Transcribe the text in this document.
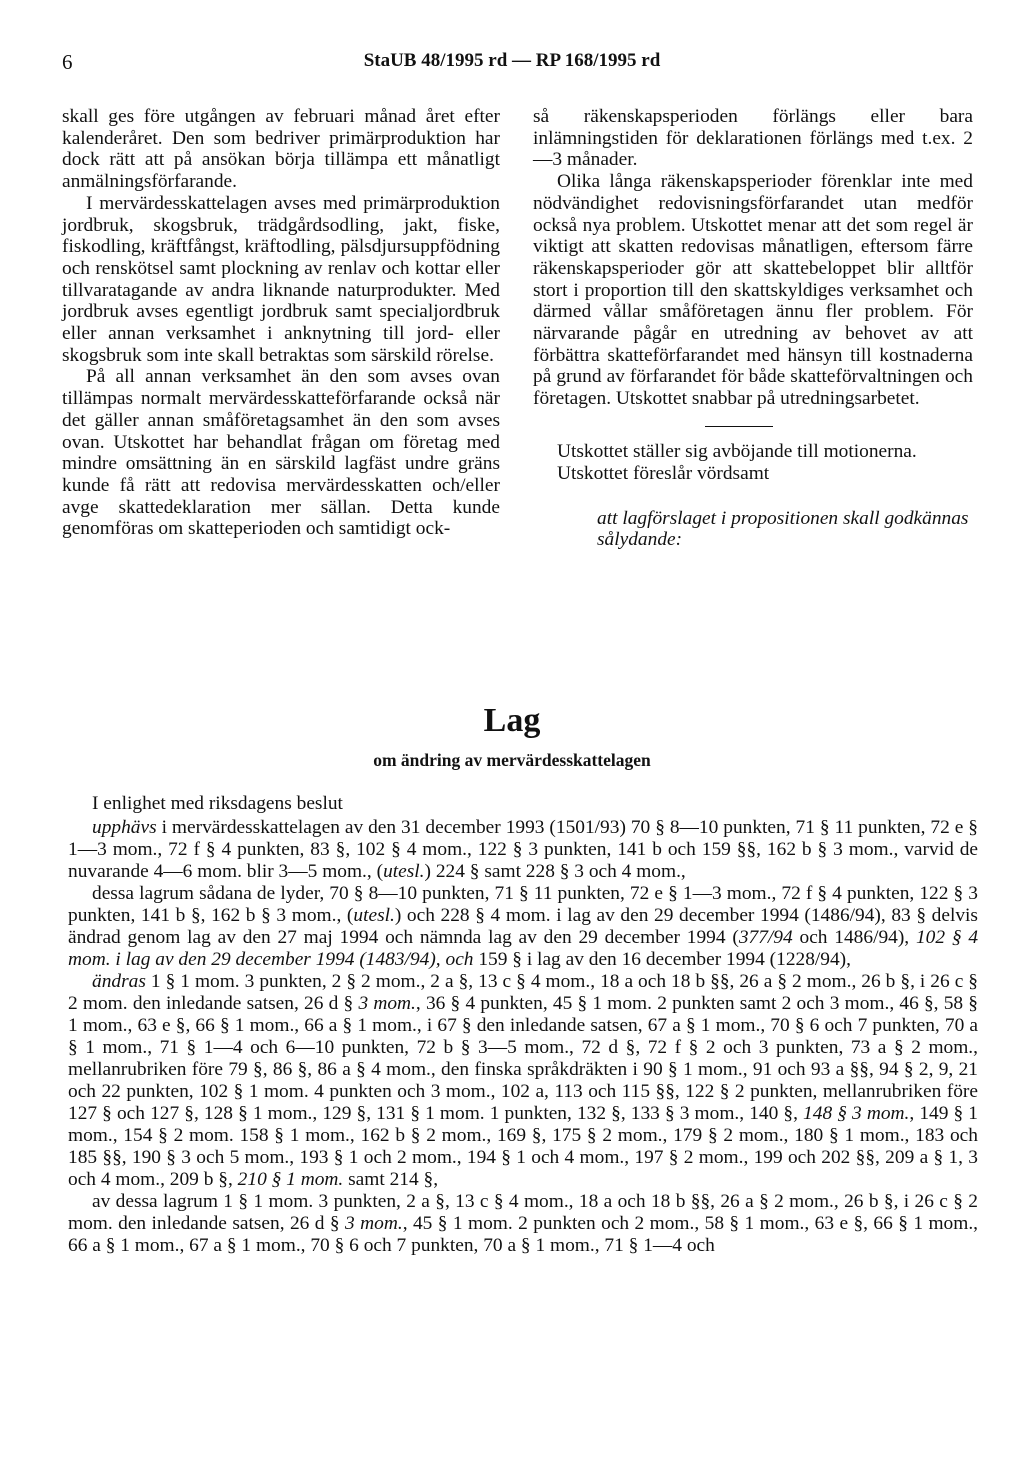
6	StaUB 48/1995 rd — RP 168/1995 rd

skall ges före utgången av februari månad året efter kalenderåret. Den som bedriver primärproduktion har dock rätt att på ansökan börja tillämpa ett månatligt anmälningsförfarande.

I mervärdesskattelagen avses med primärproduktion jordbruk, skogsbruk, trädgårdsodling, jakt, fiske, fiskodling, kräftfångst, kräftodling, pälsdjursuppfödning och renskötsel samt plockning av renlav och kottar eller tillvaratagande av andra liknande naturprodukter. Med jordbruk avses egentligt jordbruk samt specialjordbruk eller annan verksamhet i anknytning till jord- eller skogsbruk som inte skall betraktas som särskild rörelse.

På all annan verksamhet än den som avses ovan tillämpas normalt mervärdesskatteförfarande också när det gäller annan småföretagsamhet än den som avses ovan. Utskottet har behandlat frågan om företag med mindre omsättning än en särskild lagfäst undre gräns kunde få rätt att redovisa mervärdesskatten och/eller avge skattedeklaration mer sällan. Detta kunde genomföras om skatteperioden och samtidigt ock-

så räkenskapsperioden förlängs eller bara inlämningstiden för deklarationen förlängs med t.ex. 2—3 månader.

Olika långa räkenskapsperioder förenklar inte med nödvändighet redovisningsförfarandet utan medför också nya problem. Utskottet menar att det som regel är viktigt att skatten redovisas månatligen, eftersom färre räkenskapsperioder gör att skattebeloppet blir alltför stort i proportion till den skattskyldiges verksamhet och därmed vållar småföretagen ännu fler problem. För närvarande pågår en utredning av behovet av att förbättra skatteförfarandet med hänsyn till kostnaderna på grund av förfarandet för både skatteförvaltningen och företagen. Utskottet snabbar på utredningsarbetet.

Utskottet ställer sig avböjande till motionerna.

Utskottet föreslår vördsamt

att lagförslaget i propositionen skall godkännas sålydande:

Lag
om ändring av mervärdesskattelagen

I enlighet med riksdagens beslut

upphävs i mervärdesskattelagen av den 31 december 1993 (1501/93) 70 § 8—10 punkten, 71 § 11 punkten, 72 e § 1—3 mom., 72 f § 4 punkten, 83 §, 102 § 4 mom., 122 § 3 punkten, 141 b och 159 §§, 162 b § 3 mom., varvid de nuvarande 4—6 mom. blir 3—5 mom., (utesl.) 224 § samt 228 § 3 och 4 mom.,

dessa lagrum sådana de lyder, 70 § 8—10 punkten, 71 § 11 punkten, 72 e § 1—3 mom., 72 f § 4 punkten, 122 § 3 punkten, 141 b §, 162 b § 3 mom., (utesl.) och 228 § 4 mom. i lag av den 29 december 1994 (1486/94), 83 § delvis ändrad genom lag av den 27 maj 1994 och nämnda lag av den 29 december 1994 (377/94 och 1486/94), 102 § 4 mom. i lag av den 29 december 1994 (1483/94), och 159 § i lag av den 16 december 1994 (1228/94),

ändras 1 § 1 mom. 3 punkten, 2 § 2 mom., 2 a §, 13 c § 4 mom., 18 a och 18 b §§, 26 a § 2 mom., 26 b §, i 26 c § 2 mom. den inledande satsen, 26 d § 3 mom., 36 § 4 punkten, 45 § 1 mom. 2 punkten samt 2 och 3 mom., 46 §, 58 § 1 mom., 63 e §, 66 § 1 mom., 66 a § 1 mom., i 67 § den inledande satsen, 67 a § 1 mom., 70 § 6 och 7 punkten, 70 a § 1 mom., 71 § 1—4 och 6—10 punkten, 72 b § 3—5 mom., 72 d §, 72 f § 2 och 3 punkten, 73 a § 2 mom., mellanrubriken före 79 §, 86 §, 86 a § 4 mom., den finska språkdräkten i 90 § 1 mom., 91 och 93 a §§, 94 § 2, 9, 21 och 22 punkten, 102 § 1 mom. 4 punkten och 3 mom., 102 a, 113 och 115 §§, 122 § 2 punkten, mellanrubriken före 127 § och 127 §, 128 § 1 mom., 129 §, 131 § 1 mom. 1 punkten, 132 §, 133 § 3 mom., 140 §, 148 § 3 mom., 149 § 1 mom., 154 § 2 mom. 158 § 1 mom., 162 b § 2 mom., 169 §, 175 § 2 mom., 179 § 2 mom., 180 § 1 mom., 183 och 185 §§, 190 § 3 och 5 mom., 193 § 1 och 2 mom., 194 § 1 och 4 mom., 197 § 2 mom., 199 och 202 §§, 209 a § 1, 3 och 4 mom., 209 b §, 210 § 1 mom. samt 214 §,

av dessa lagrum 1 § 1 mom. 3 punkten, 2 a §, 13 c § 4 mom., 18 a och 18 b §§, 26 a § 2 mom., 26 b §, i 26 c § 2 mom. den inledande satsen, 26 d § 3 mom., 45 § 1 mom. 2 punkten och 2 mom., 58 § 1 mom., 63 e §, 66 § 1 mom., 66 a § 1 mom., 67 a § 1 mom., 70 § 6 och 7 punkten, 70 a § 1 mom., 71 § 1—4 och
